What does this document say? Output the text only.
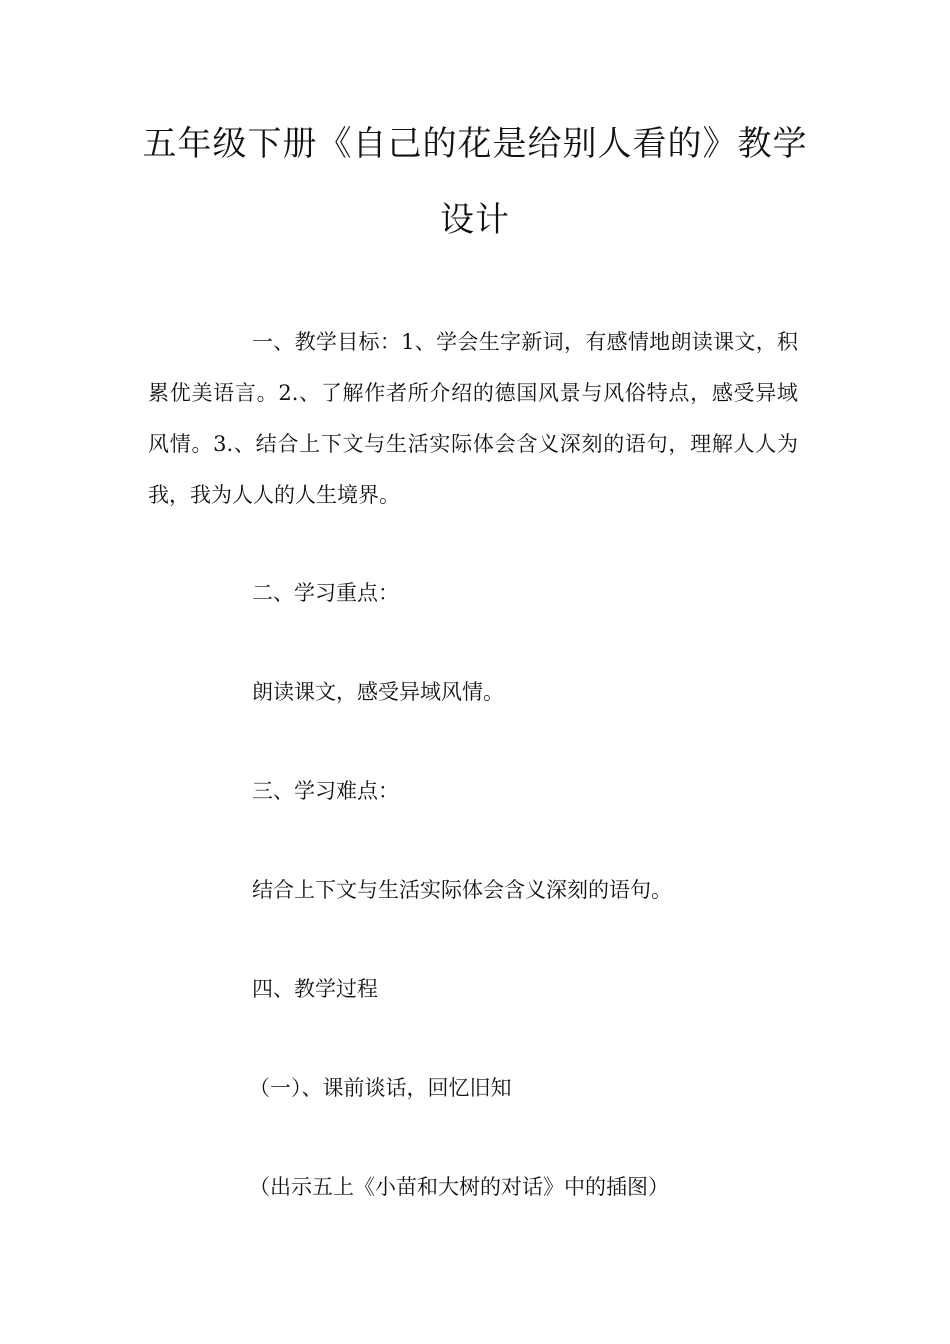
五年级下册《自己的花是给别人看的》教学
设计
一、教学目标：1、学会生字新词，有感情地朗读课文，积累优美语言。2.、了解作者所介绍的德国风景与风俗特点，感受异域风情。3.、结合上下文与生活实际体会含义深刻的语句，理解人人为我，我为人人的人生境界。
二、学习重点：
朗读课文，感受异域风情。
三、学习难点：
结合上下文与生活实际体会含义深刻的语句。
四、教学过程
（一）、课前谈话，回忆旧知
（出示五上《小苗和大树的对话》中的插图）
